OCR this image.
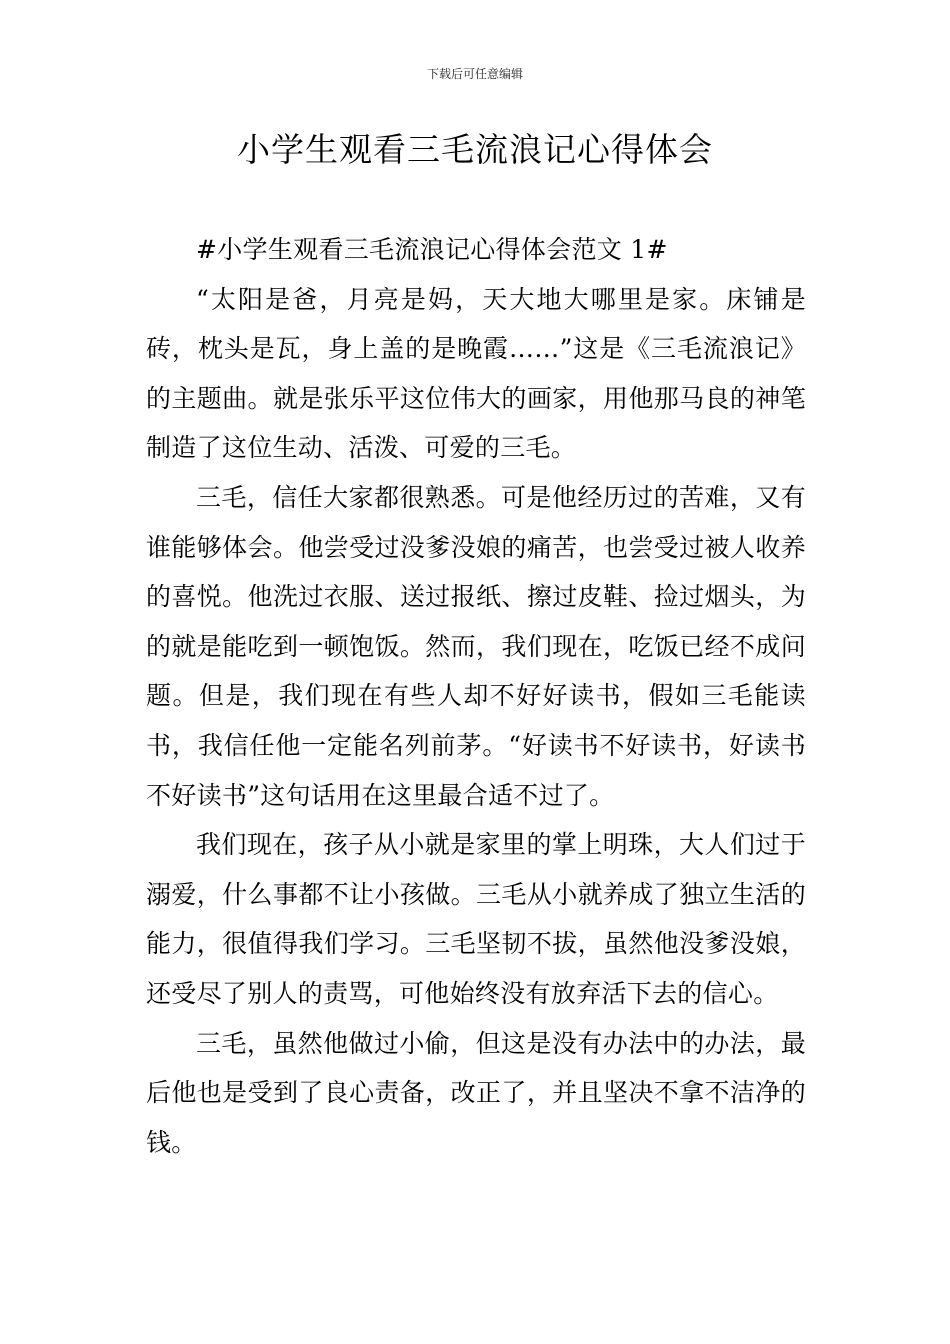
下载后可任意编辑
小学生观看三毛流浪记心得体会

#小学生观看三毛流浪记心得体会范文 1#

“太阳是爸，月亮是妈，天大地大哪里是家。床铺是砖，枕头是瓦，身上盖的是晚霞……”这是《三毛流浪记》的主题曲。就是张乐平这位伟大的画家，用他那马良的神笔制造了这位生动、活泼、可爱的三毛。

三毛，信任大家都很熟悉。可是他经历过的苦难，又有谁能够体会。他尝受过没爹没娘的痛苦，也尝受过被人收养的喜悦。他洗过衣服、送过报纸、擦过皮鞋、捡过烟头，为的就是能吃到一顿饱饭。然而，我们现在，吃饭已经不成问题。但是，我们现在有些人却不好好读书，假如三毛能读书，我信任他一定能名列前茅。“好读书不好读书，好读书不好读书”这句话用在这里最合适不过了。

我们现在，孩子从小就是家里的掌上明珠，大人们过于溺爱，什么事都不让小孩做。三毛从小就养成了独立生活的能力，很值得我们学习。三毛坚韧不拔，虽然他没爹没娘，还受尽了别人的责骂，可他始终没有放弃活下去的信心。

三毛，虽然他做过小偷，但这是没有办法中的办法，最后他也是受到了良心责备，改正了，并且坚决不拿不洁净的钱。
